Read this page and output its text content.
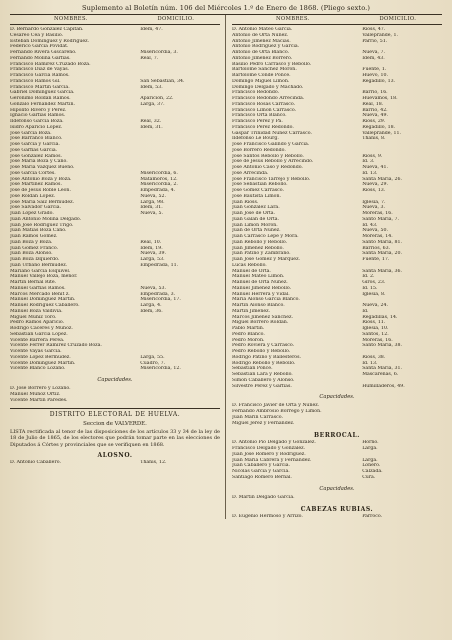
Suplemento al Boletín núm. 106 del Miércoles 1.º de Enero de 1868. (Pliego sexto.)
NOMBRES.	DOMICILIO.
D. Bernardo González Capitan.	Idem, 47.
Cesáreo Cea y Basilio.
Esteban Domínguez y Rodríguez.
Federico García Povidat.
Fernando Rivera Giscareno.	Misericordia, 3.
Fernando Molina Garfias.	Real, 7.
Francisco Ramírez Cruzado Boza.
Francisco Díaz de Vayas.
Francisco García Ramos.
Francisco Ramos Gil.	San Sebastian, 34.
Francisco Martín García.	Idem, 53.
Gabriel Domínguez García.
Gerónimo Roldan Ramos.	Aparicion, 22.
Gonzalo Fernandez Martín.	Larga, 37.
Hipólito Rivero y Perez.
Ignacio Garfias Ramos.
Ildefonso García Boza.	Real, 32.
Isidro Aparicio López.	Idem, 31.
José García Boza.
José Barranco Blanco.
José García y García.
José Garfias García.
José Gonzalez Ramos.
José María Boza y Cano.
José María Vazquez Bueno.
José García Cortés.	Misericordia, 6.
José Antonio Boza y Boza.	Matamoros, 12.
José Martínez Ramos.	Misericordia, 2.
José de Jesus Roble Leon.	Empedrada, 4.
José Roldan López.	Nueva, 52.
José María Sáiz Bermudez.	Larga, 98.
José Salvador García.	Idem, 31.
Juan López Grado.	Nueva, 5.
Juan Antonio Molina Delgado.
Juan José Rodríguez Trigo.
Juan Matías Boza Cano.
Juan Ramos Gomez.
Juan Boza y Boza.	Real, 10.
Juan Gomez Franco.	Idem, 19.
Juan Boza Alonso.	Nueva, 39.
Juan Boza Izquierdo.	Larga, 53.
Juan Urbano Bermudez.	Empedrada, 11.
Mariano García Esquivel.
Manuel Vallejo Boza, menor.
Martín Bernal Rite.
Manuel Garfias Ramos.	Nueva, 53.
Marcos Mercado Benit z.	Empedrada, 3.
Manuel Domínguez Martín.	Misericordia, 17.
Manuel Rodríguez Caballero.	Larga, 4.
Manuel Boza Valdivia.	Idem, 36.
Miguel Muñiz Toro.
Pedro Ramos Aparicio.
Rodrigo Cáceres y Muñoz.
Sebastian García López.
Vicente Barrera Perea.
Vicente Ferrer Ramírez Cruzado Boza.
Vicente Vayas García.
Vicente López Bermudez.	Larga, 55.
Vicente Domínguez Martín.	Cuadro, 7.
Vicente Blanco Lozano.	Misericordia, 12.
Capacidades.
D. José Borrero y Lozano.
Manuel Muñoz Ortiz.
Vicente Martín Paredes.
DISTRITO ELECTORAL DE HUELVA.
Seccion de VALVERDE.
LISTA rectificada al tenor de las disposiciones de los artículos 33 y 34 de la ley de 18 de Julio de 1865, de los electores que podrán tomar parte en las elecciones de Diputados á Córtes y provinciales que se verifiquen en 1868.
ALOSNO.
D. Antonio Caballero.	Thánis, 12.
NOMBRES.	DOMICILIO.
D. Antonio Mateo García.	Rioss, 47.
Antonio de Orta Nuñez.	Valleprande, 1.
Antonio Jimenez Macias.	Parrio, 51.
Antonio Rodríguez y García.
Antonio de Orta Blanco.	Nueva, 7.
Antonio Jimenez Borrero.	Idem, 43.
Basilio Pedro Carrasco y Rebollo.
Bartolomé Sanchez Moron.	Fuente, 1.
Bartolomé Conde Ponce.	Huevo, 10.
Domingo Miguel Limon.	Regadillo, 13.
Domingo Delgado y Machado.
Francisco Redondo.	Barrio, 16.
Francisco Redondo Arrecinda.	Huevamos, 18.
Francisco Rosas Carrasco.	Real, 18.
Francisco Limon Carrasco.	Barrio, 42.
Francisco Orta Blanco.	Nueva, 49.
Francisco Perez y Pa.	Rioss, 29.
Francisco Perez Redondo.	Regadillo, 18.
Gaspar Trinidad Nuñez Carrasco.	Valleprande, 11.
Ildefonso Le Bourg.	Thánis, 8.
José Francisco Galindo y García.
José Borrero Redondo.
José Santos Rebollo y Rebollo.	Rioss, 9.
José de Jesus Rebollo y Arrecindo.	Id. 3.
José Antonio Caso y Redondo.	Nueva, 41.
José Arrecinda.	Id. 13.
José Francisco Tarrejo y Rebollo.	Santa María, 26.
José Sebastian Rebollo.	Nueva, 29.
José Gomez Carrasco.	Rioss, 13.
José Bautista Limon.
Juan Rioss.	Iglesia, 7.
Juan Gonzalez Lara.	Nueva, 3.
Juan José de Orta.	Moreras, 16.
Juan Galan de Orta.	Santo María, 7.
Juan Limon Moron.	Id. 43.
Juan de Orta Nuñez.	Nueva, 50.
Juan Carrasco Lepe y Mora.	Moreras, 14.
Juan Rebollo y Rebollo.	Santo María, 81.
Juan Jimenez Rebollo.	Barrios, 63.
Juan Patiño y Zambrano.	Santa María, 20.
Juan José Gomez y Marquez.	Fuente, 17.
Lúcas Rebollo.
Manuel de Orta.	Santa María, 36.
Manuel Mateo Limon.	Id. 2.
Manuel de Orta Nuñez.	Giros, 23.
Manuel Jimenez Rebollo.	Id. 15.
Manuel Herrera y Vidal.	Iglesia, 8.
Maria Alonso García Blanco.
Martín Alonso Blanco.	Nueva, 24.
Martín Jimenez.	Id.
Marcos Jimenez Sanchez.	Regadillas, 14.
Miguel Borrero Roldan.	Rioss, 11.
Pablo Martín.	Iglesia, 10.
Pedro Blanco.	Santos, 12.
Pedro Moron.	Moreras, 16.
Pedro Roviera y Carrasco.	Santo María, 38.
Pedro Rebollo y Rebollo.
Rodrigo Patiño y Ballesteros.	Rioss, 38.
Rodrigo Rebollo y Rebollo.	Id. 13.
Sebastian Ponce.	Santa María, 31.
Sebastian Lara y Rebollo.	Mascarenas, 6.
Simon Caballero y Alonso.
Silvestre Perez y Garfias.	Humilladeros, 49.
Capacidades.
D. Francisco Javier de Orta y Nuñez.
Fernando Ambrosio Borrego y Limon.
Juan Marín Carrasco.
Miguel Jerez y Fernandez.
BERROCAL.
D. Antonio Pio Delgado y Gonzalez.	Horno.
Francisco Delgado y Gonzalez.	Larga.
Juan José Romero y Rodríguez.
Juan María Cabrera y Fernandez.	Larga.
Juan Caballero y García.	Loñero.
Nicolas García y García.	Calzada.
Santiago Romero Bernal.	Cura.
Capacidades.
D. Martín Delgado García.
CABEZAS RUBIAS.
D. Eugenio Hermoso y Arrizo.	Parroco.
